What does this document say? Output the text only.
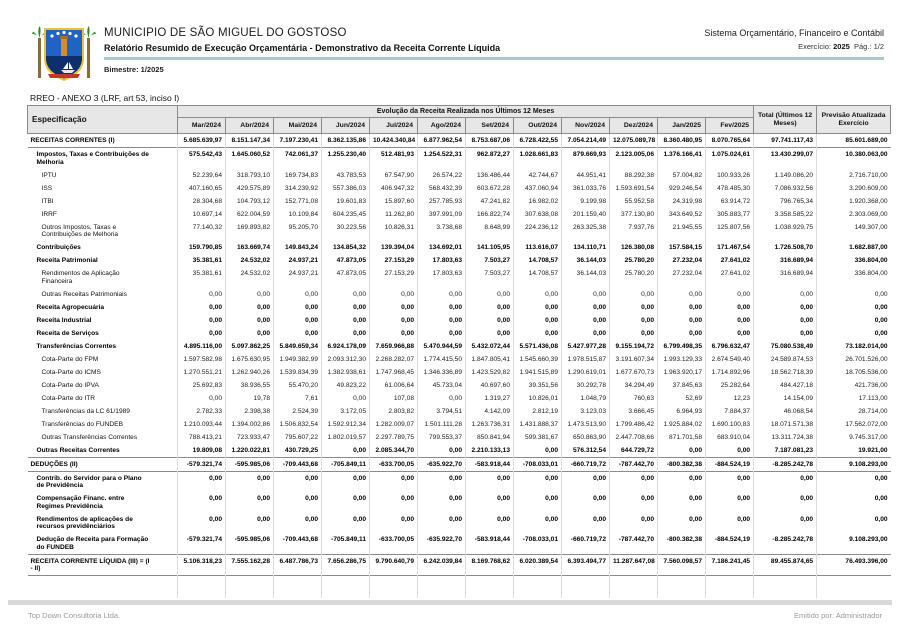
MUNICIPIO DE SÃO MIGUEL DO GOSTOSO
Relatório Resumido de Execução Orçamentária - Demonstrativo da Receita Corrente Líquida
Bimestre: 1/2025
Sistema Orçamentário, Financeiro e Contábil
Exercício: 2025 Pág.: 1/2
RREO - ANEXO 3 (LRF, art 53, inciso I)
Especificação	Evolução da Receita Realizada nos Últimos 12 Meses												Total (Últimos 12 Meses)	Previsão Atualizada Exercício
	Mar/2024	Abr/2024	Mai/2024	Jun/2024	Jul/2024	Ago/2024	Set/2024	Out/2024	Nov/2024	Dez/2024	Jan/2025	Fev/2025		
RECEITAS CORRENTES (I)	5.685.639,97	8.151.147,34	7.197.230,41	8.362.135,86	10.424.340,84	6.877.962,54	8.753.687,06	6.728.422,55	7.054.214,49	12.075.089,78	8.360.480,95	8.070.765,64	97.741.117,43	85.601.689,00
Impostos, Taxas e Contribuições de Melhoria	575.542,43	1.645.060,52	742.061,37	1.255.230,40	512.481,93	1.254.522,31	962.872,27	1.028.661,83	879.669,93	2.123.005,06	1.376.166,41	1.075.024,61	13.430.299,07	10.380.063,00
IPTU	52.239,64	318.793,10	169.734,83	43.783,53	67.547,90	26.574,22	136.486,44	42.744,67	44.951,41	88.292,38	57.004,82	100.933,26	1.149.086,20	2.716.710,00
ISS	407.160,65	429.575,89	314.239,92	557.386,03	406.947,32	568.432,39	603.672,28	437.060,94	361.033,76	1.593.691,54	929.246,54	478.485,30	7.086.932,56	3.290.609,00
ITBI	28.304,68	104.793,12	152.771,08	19.601,83	15.897,60	257.785,93	47.241,82	16.982,02	9.199,98	55.952,58	24.319,98	63.914,72	796.765,34	1.920.368,00
IRRF	10.697,14	622.004,59	10.109,84	604.235,45	11.262,80	397.991,09	166.822,74	307.638,08	201.159,40	377.130,80	343.649,52	305.883,77	3.358.585,22	2.303.069,00
Outros Impostos, Taxas e Contribuições de Melhoria	77.140,32	169.893,82	95.205,70	30.223,56	10.826,31	3.738,68	8.648,99	224.236,12	263.325,38	7.937,76	21.945,55	125.807,56	1.038.929,75	149.307,00
Contribuições	159.790,85	163.669,74	149.843,24	134.854,32	139.394,04	134.692,01	141.105,95	113.616,07	134.110,71	126.380,08	157.584,15	171.467,54	1.726.508,70	1.682.887,00
Receita Patrimonial	35.381,61	24.532,02	24.937,21	47.873,05	27.153,29	17.803,63	7.503,27	14.708,57	36.144,03	25.780,20	27.232,04	27.641,02	316.689,94	336.804,00
Rendimentos de Aplicação Financeira	35.381,61	24.532,02	24.937,21	47.873,05	27.153,29	17.803,63	7.503,27	14.708,57	36.144,03	25.780,20	27.232,04	27.641,02	316.689,94	336.804,00
Outras Receitas Patrimoniais	0,00	0,00	0,00	0,00	0,00	0,00	0,00	0,00	0,00	0,00	0,00	0,00	0,00	0,00
Receita Agropecuária	0,00	0,00	0,00	0,00	0,00	0,00	0,00	0,00	0,00	0,00	0,00	0,00	0,00	0,00
Receita Industrial	0,00	0,00	0,00	0,00	0,00	0,00	0,00	0,00	0,00	0,00	0,00	0,00	0,00	0,00
Receita de Serviços	0,00	0,00	0,00	0,00	0,00	0,00	0,00	0,00	0,00	0,00	0,00	0,00	0,00	0,00
Transferências Correntes	4.895.116,00	5.097.862,25	5.849.659,34	6.924.178,09	7.659.966,88	5.470.944,59	5.432.072,44	5.571.436,08	5.427.977,28	9.155.194,72	6.799.498,35	6.796.632,47	75.080.538,49	73.182.014,00
Cota-Parte do FPM	1.597.582,98	1.675.630,95	1.949.382,99	2.093.312,30	2.268.282,07	1.774.415,50	1.847.805,41	1.545.660,39	1.978.515,87	3.191.607,34	1.993.129,33	2.674.549,40	24.589.874,53	26.701.526,00
Cota-Parte do ICMS	1.270.551,21	1.262.940,26	1.539.834,39	1.382.938,61	1.747.968,45	1.346.336,89	1.423.529,82	1.941.515,89	1.290.619,01	1.677.670,73	1.963.920,17	1.714.892,96	18.562.718,39	18.705.536,00
Cota-Parte do IPVA	25.692,83	38.936,55	55.470,20	49.823,22	61.006,64	45.733,04	40.697,60	39.351,56	30.292,78	34.294,49	37.845,63	25.282,64	484.427,18	421.736,00
Cota-Parte do ITR	0,00	19,78	7,61	0,00	107,08	0,00	1.319,27	10.826,01	1.048,79	760,63	52,69	12,23	14.154,09	17.113,00
Transferências da LC 61/1989	2.782,33	2.398,38	2.524,39	3.172,05	2.803,82	3.794,51	4.142,09	2.812,19	3.123,03	3.666,45	6.964,93	7.884,37	46.068,54	28.714,00
Transferências do FUNDEB	1.210.093,44	1.394.002,86	1.506.832,54	1.592.912,34	1.282.009,07	1.501.111,28	1.263.736,31	1.431.888,37	1.473.513,90	1.799.486,42	1.925.884,02	1.690.100,83	18.071.571,38	17.562.072,00
Outras Transferências Correntes	788.413,21	723.933,47	795.607,22	1.802.019,57	2.297.789,75	799.553,37	850.841,94	599.381,67	650.863,90	2.447.708,66	871.701,58	683.910,04	13.311.724,38	9.745.317,00
Outras Receitas Correntes	19.809,08	1.220.022,81	430.729,25	0,00	2.085.344,70	0,00	2.210.133,13	0,00	576.312,54	644.729,72	0,00	0,00	7.187.081,23	19.921,00
DEDUÇÕES (II)	-579.321,74	-595.985,06	-709.443,68	-705.849,11	-633.700,05	-635.922,70	-583.918,44	-708.033,01	-660.719,72	-787.442,70	-800.382,38	-884.524,19	-8.285.242,78	9.108.293,00
Contrib. do Servidor para o Plano de Previdência	0,00	0,00	0,00	0,00	0,00	0,00	0,00	0,00	0,00	0,00	0,00	0,00	0,00	0,00
Compensação Financ. entre Regimes Previdência	0,00	0,00	0,00	0,00	0,00	0,00	0,00	0,00	0,00	0,00	0,00	0,00	0,00	0,00
Rendimentos de aplicações de recursos previdênciários	0,00	0,00	0,00	0,00	0,00	0,00	0,00	0,00	0,00	0,00	0,00	0,00	0,00	0,00
Dedução de Receita para Formação do FUNDEB	-579.321,74	-595.985,06	-709.443,68	-705.849,11	-633.700,05	-635.922,70	-583.918,44	-708.033,01	-660.719,72	-787.442,70	-800.382,38	-884.524,19	-8.285.242,78	9.108.293,00
RECEITA CORRENTE LÍQUIDA (III) = (I - II)	5.106.318,23	7.555.162,28	6.487.786,73	7.656.286,75	9.790.640,79	6.242.039,84	8.169.768,62	6.020.389,54	6.393.494,77	11.287.647,08	7.560.098,57	7.186.241,45	89.455.874,65	76.493.396,00

Top Down Consultoria Ltda.	Emitido por: Administrador
